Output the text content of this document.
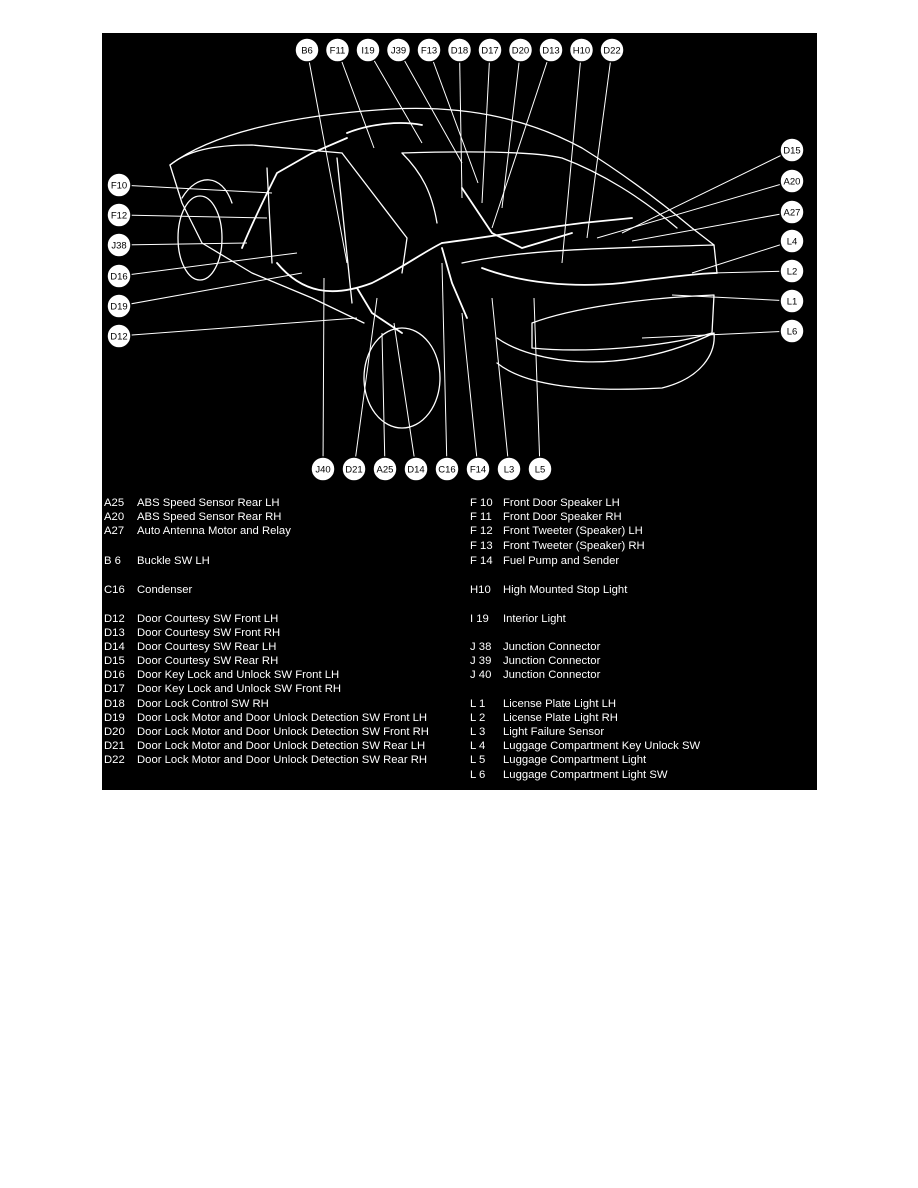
B6 F11 I19 J39 F13 D18 D17 D20 D13 H10 D22
F10
F12
J38
D16
D19
D12
D15
A20
A27
L4
L2
L1
L6
J40 D21 A25 D14 C16 F14 L3 L5
A25	ABS Speed Sensor Rear LH
A20	ABS Speed Sensor Rear RH
A27	Auto Antenna Motor and Relay
B 6	Buckle SW LH
C16	Condenser
D12	Door Courtesy SW Front LH
D13	Door Courtesy SW Front RH
D14	Door Courtesy SW Rear LH
D15	Door Courtesy SW Rear RH
D16	Door Key Lock and Unlock SW Front LH
D17	Door Key Lock and Unlock SW Front RH
D18	Door Lock Control SW RH
D19	Door Lock Motor and Door Unlock Detection SW Front LH
D20	Door Lock Motor and Door Unlock Detection SW Front RH
D21	Door Lock Motor and Door Unlock Detection SW Rear LH
D22	Door Lock Motor and Door Unlock Detection SW Rear RH
F 10 Front Door Speaker LH
F 11 Front Door Speaker RH
F 12 Front Tweeter (Speaker) LH
F 13 Front Tweeter (Speaker) RH
F 14 Fuel Pump and Sender
H10	High Mounted Stop Light
I 19	Interior Light
J 38	Junction Connector
J 39	Junction Connector
J 40	Junction Connector
L 1	License Plate Light LH
L 2	License Plate Light RH
L 3	Light Failure Sensor
L 4	Luggage Compartment Key Unlock SW
L 5	Luggage Compartment Light
L 6	Luggage Compartment Light SW
